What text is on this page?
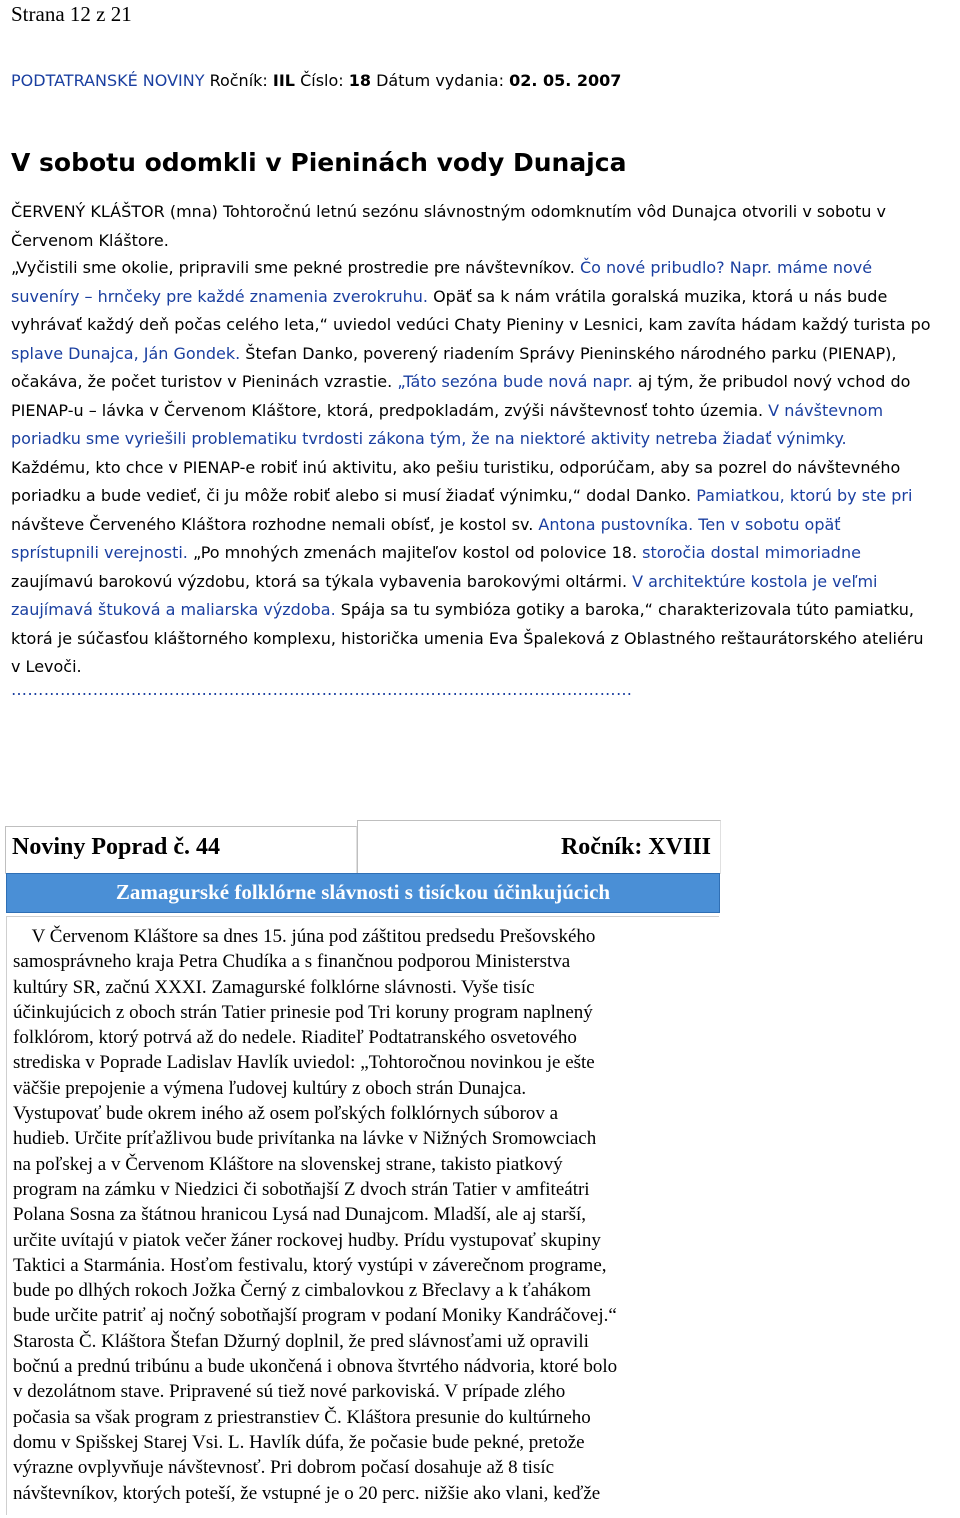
Strana 12 z 21
PODTATRANSKÉ NOVINY Ročník: IIL Číslo: 18 Dátum vydania: 02. 05. 2007
V sobotu odomkli v Pieninách vody Dunajca
ČERVENÝ KLÁŠTOR (mna) Tohtoročnú letnú sezónu slávnostným odomknutím vôd Dunajca otvorili v sobotu v
Červenom Kláštore.
„Vyčistili sme okolie, pripravili sme pekné prostredie pre návštevníkov. Čo nové pribudlo? Napr. máme nové
suveníry – hrnčeky pre každé znamenia zverokruhu. Opäť sa k nám vrátila goralská muzika, ktorá u nás bude
vyhrávať každý deň počas celého leta,“ uviedol vedúci Chaty Pieniny v Lesnici, kam zavíta hádam každý turista po
splave Dunajca, Ján Gondek. Štefan Danko, poverený riadením Správy Pieninského národného parku (PIENAP),
očakáva, že počet turistov v Pieninách vzrastie. „Táto sezóna bude nová napr. aj tým, že pribudol nový vchod do
PIENAP-u – lávka v Červenom Kláštore, ktorá, predpokladám, zvýši návštevnosť tohto územia. V návštevnom
poriadku sme vyriešili problematiku tvrdosti zákona tým, že na niektoré aktivity netreba žiadať výnimky.
Každému, kto chce v PIENAP-e robiť inú aktivitu, ako pešiu turistiku, odporúčam, aby sa pozrel do návštevného
poriadku a bude vedieť, či ju môže robiť alebo si musí žiadať výnimku,“ dodal Danko. Pamiatkou, ktorú by ste pri
návšteve Červeného Kláštora rozhodne nemali obísť, je kostol sv. Antona pustovníka. Ten v sobotu opäť
sprístupnili verejnosti. „Po mnohých zmenách majiteľov kostol od polovice 18. storočia dostal mimoriadne
zaujímavú barokovú výzdobu, ktorá sa týkala vybavenia barokovými oltármi. V architektúre kostola je veľmi
zaujímavá štuková a maliarska výzdoba. Spája sa tu symbióza gotiky a baroka,“ charakterizovala túto pamiatku,
ktorá je súčasťou kláštorného komplexu, historička umenia Eva Špaleková z Oblastného reštaurátorského ateliéru
v Levoči.
……………………………………………………………………………………………………
Noviny Poprad č. 44	Ročník: XVIII
Zamagurské folklórne slávnosti s tisíckou účinkujúcich
V Červenom Kláštore sa dnes 15. júna pod záštitou predsedu Prešovského
samosprávneho kraja Petra Chudíka a s finančnou podporou Ministerstva
kultúry SR, začnú XXXI. Zamagurské folklórne slávnosti. Vyše tisíc
účinkujúcich z oboch strán Tatier prinesie pod Tri koruny program naplnený
folklórom, ktorý potrvá až do nedele. Riaditeľ Podtatranského osvetového
strediska v Poprade Ladislav Havlík uviedol: „Tohtoročnou novinkou je ešte
väčšie prepojenie a výmena ľudovej kultúry z oboch strán Dunajca.
Vystupovať bude okrem iného až osem poľských folklórnych súborov a
hudieb. Určite príťažlivou bude privítanka na lávke v Nižných Sromowciach
na poľskej a v Červenom Kláštore na slovenskej strane, takisto piatkový
program na zámku v Niedzici či sobotňajší Z dvoch strán Tatier v amfiteátri
Polana Sosna za štátnou hranicou Lysá nad Dunajcom. Mladší, ale aj starší,
určite uvítajú v piatok večer žáner rockovej hudby. Prídu vystupovať skupiny
Taktici a Starmánia. Hosťom festivalu, ktorý vystúpi v záverečnom programe,
bude po dlhých rokoch Jožka Černý z cimbalovkou z Břeclavy a k ťahákom
bude určite patriť aj nočný sobotňajší program v podaní Moniky Kandráčovej.“
Starosta Č. Kláštora Štefan Džurný doplnil, že pred slávnosťami už opravili
bočnú a prednú tribúnu a bude ukončená i obnova štvrtého nádvoria, ktoré bolo
v dezolátnom stave. Pripravené sú tiež nové parkoviská. V prípade zlého
počasia sa však program z priestranstiev Č. Kláštora presunie do kultúrneho
domu v Spišskej Starej Vsi. L. Havlík dúfa, že počasie bude pekné, pretože
výrazne ovplyvňuje návštevnosť. Pri dobrom počasí dosahuje až 8 tisíc
návštevníkov, ktorých poteší, že vstupné je o 20 perc. nižšie ako vlani, keďže
